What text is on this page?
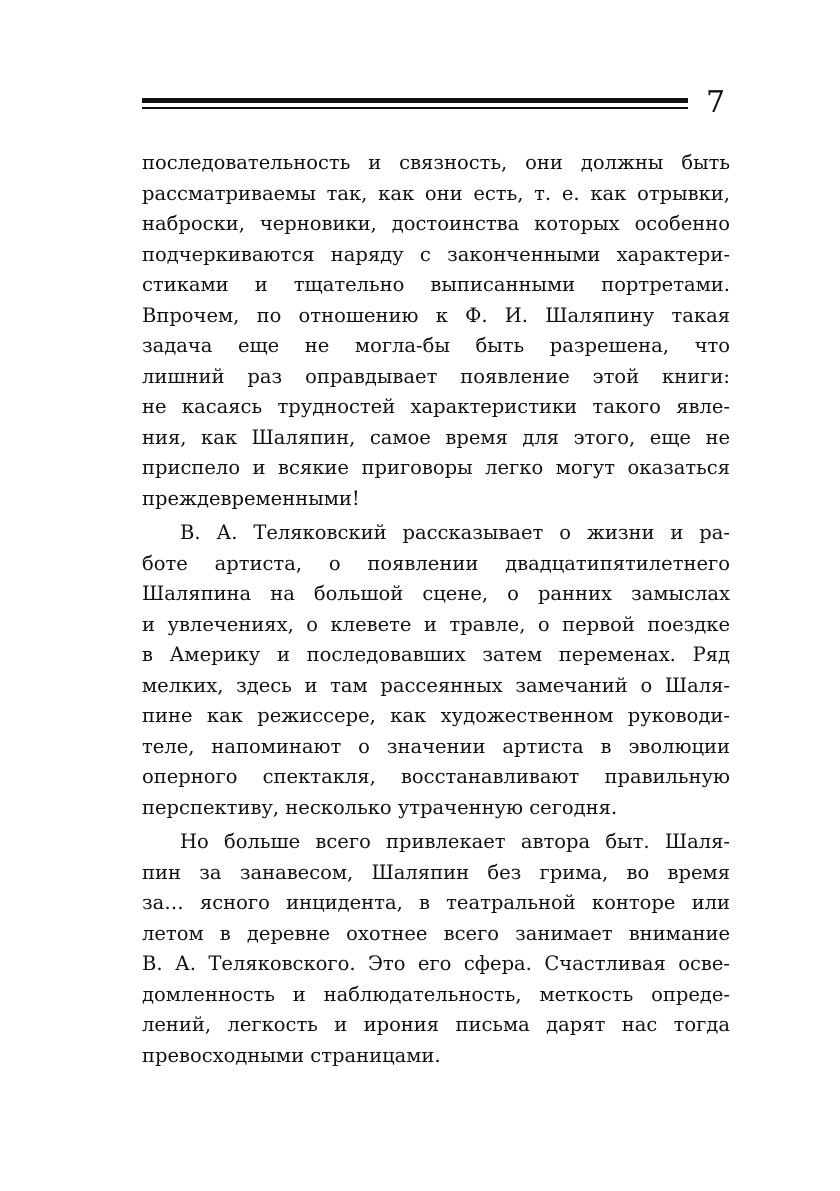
7
последовательность и связность, они должны быть
рассматриваемы так, как они есть, т. е. как отрывки,
наброски, черновики, достоинства которых особенно
подчеркиваются наряду с законченными характери-
стиками и тщательно выписанными портретами.
Впрочем, по отношению к Ф. И. Шаляпину такая
задача еще не могла-бы быть разрешена, что
лишний раз оправдывает появление этой книги:
не касаясь трудностей характеристики такого явле-
ния, как Шаляпин, самое время для этого, еще не
приспело и всякие приговоры легко могут оказаться
преждевременными!
В. А. Теляковский рассказывает о жизни и ра-
боте артиста, о появлении двадцатипятилетнего
Шаляпина на большой сцене, о ранних замыслах
и увлечениях, о клевете и травле, о первой поездке
в Америку и последовавших затем переменах. Ряд
мелких, здесь и там рассеянных замечаний о Шаля-
пине как режиссере, как художественном руководи-
теле, напоминают о значении артиста в эволюции
оперного спектакля, восстанавливают правильную
перспективу, несколько утраченную сегодня.
Но больше всего привлекает автора быт. Шаля-
пин за занавесом, Шаляпин без грима, во время
за… ясного инцидента, в театральной конторе или
летом в деревне охотнее всего занимает внимание
В. А. Теляковского. Это его сфера. Счастливая осве-
домленность и наблюдательность, меткость опреде-
лений, легкость и ирония письма дарят нас тогда
превосходными страницами.
